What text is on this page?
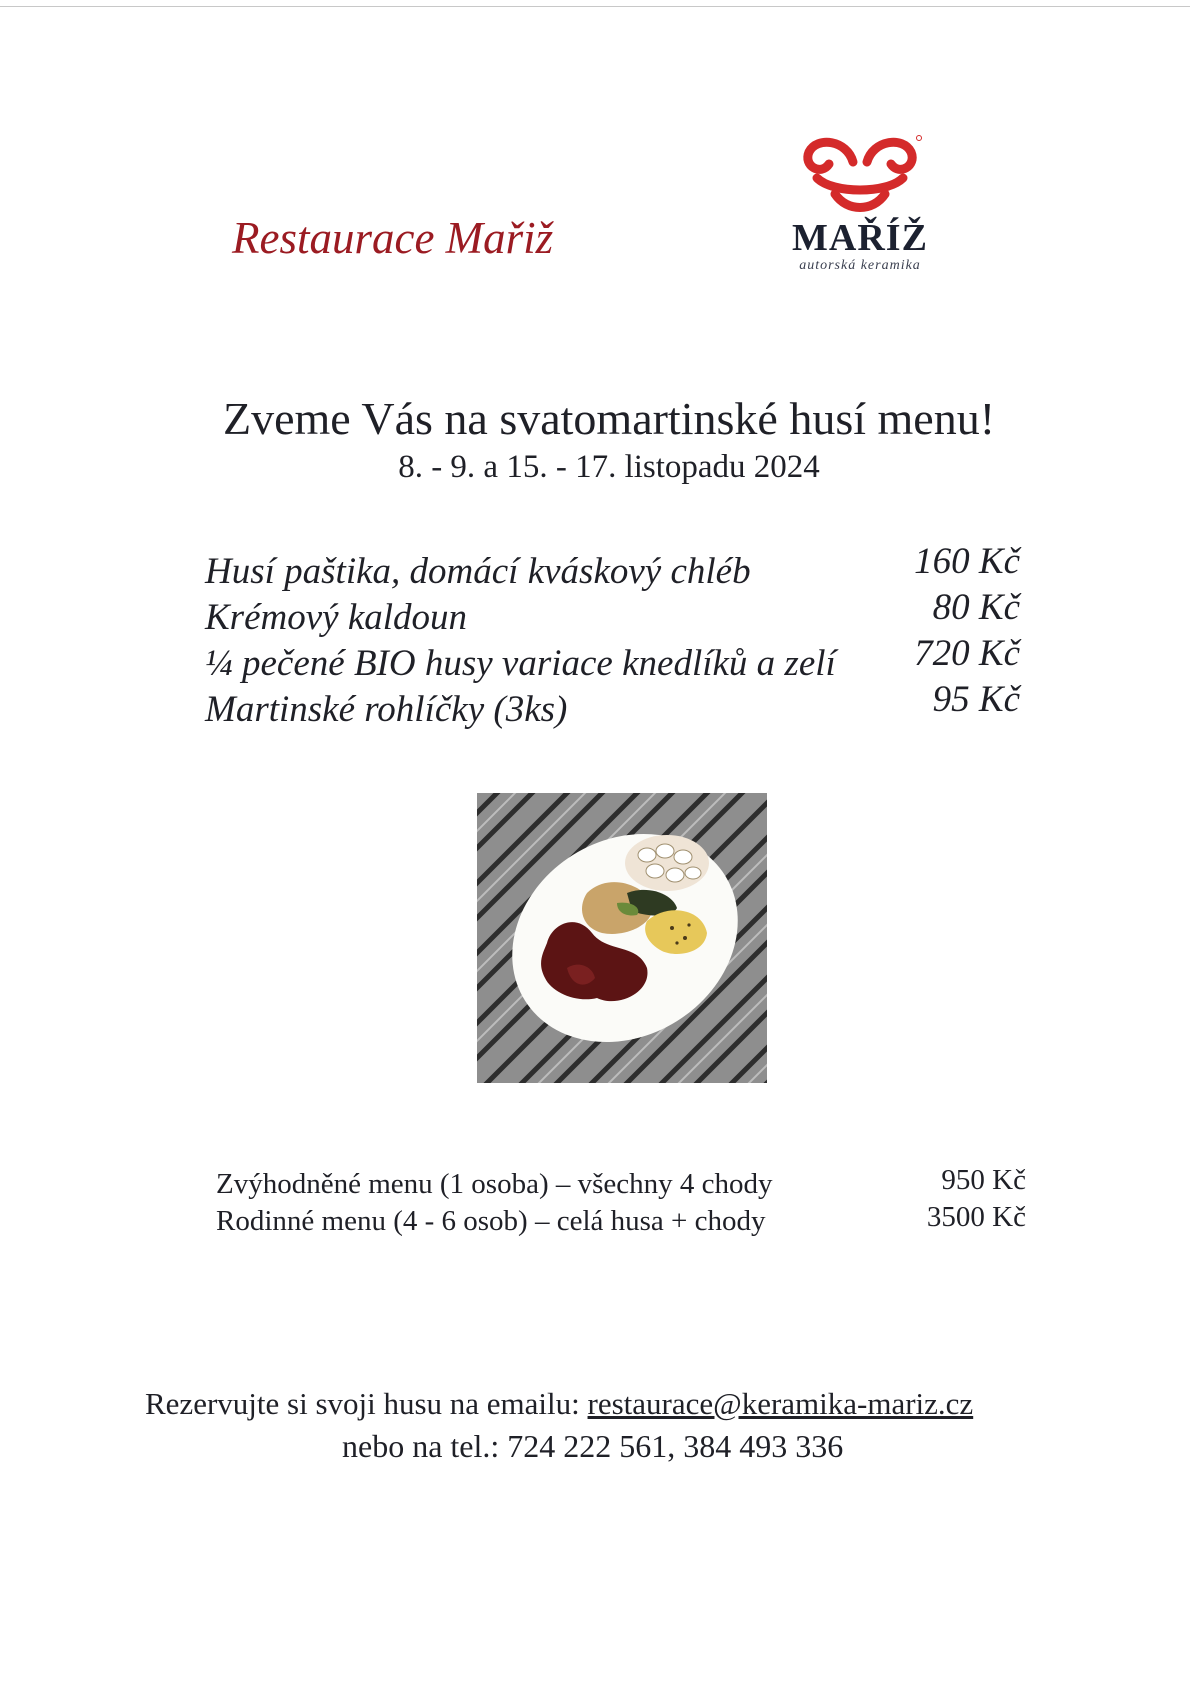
Restaurace Mařiž	MAŘÍŽ
autorská keramika
Zveme Vás na svatomartinské husí menu!
8. - 9. a 15. - 17. listopadu 2024
Husí paštika, domácí kváskový chléb	160 Kč
Krémový kaldoun	80 Kč
¼ pečené BIO husy variace knedlíků a zelí 720 Kč
Martinské rohlíčky (3ks)	95 Kč
Zvýhodněné menu (1 osoba) – všechny 4 chody	950 Kč
Rodinné menu (4 - 6 osob) – celá husa + chody	3500 Kč
Rezervujte si svoji husu na emailu: restaurace@keramika-mariz.cz
nebo na tel.: 724 222 561, 384 493 336
